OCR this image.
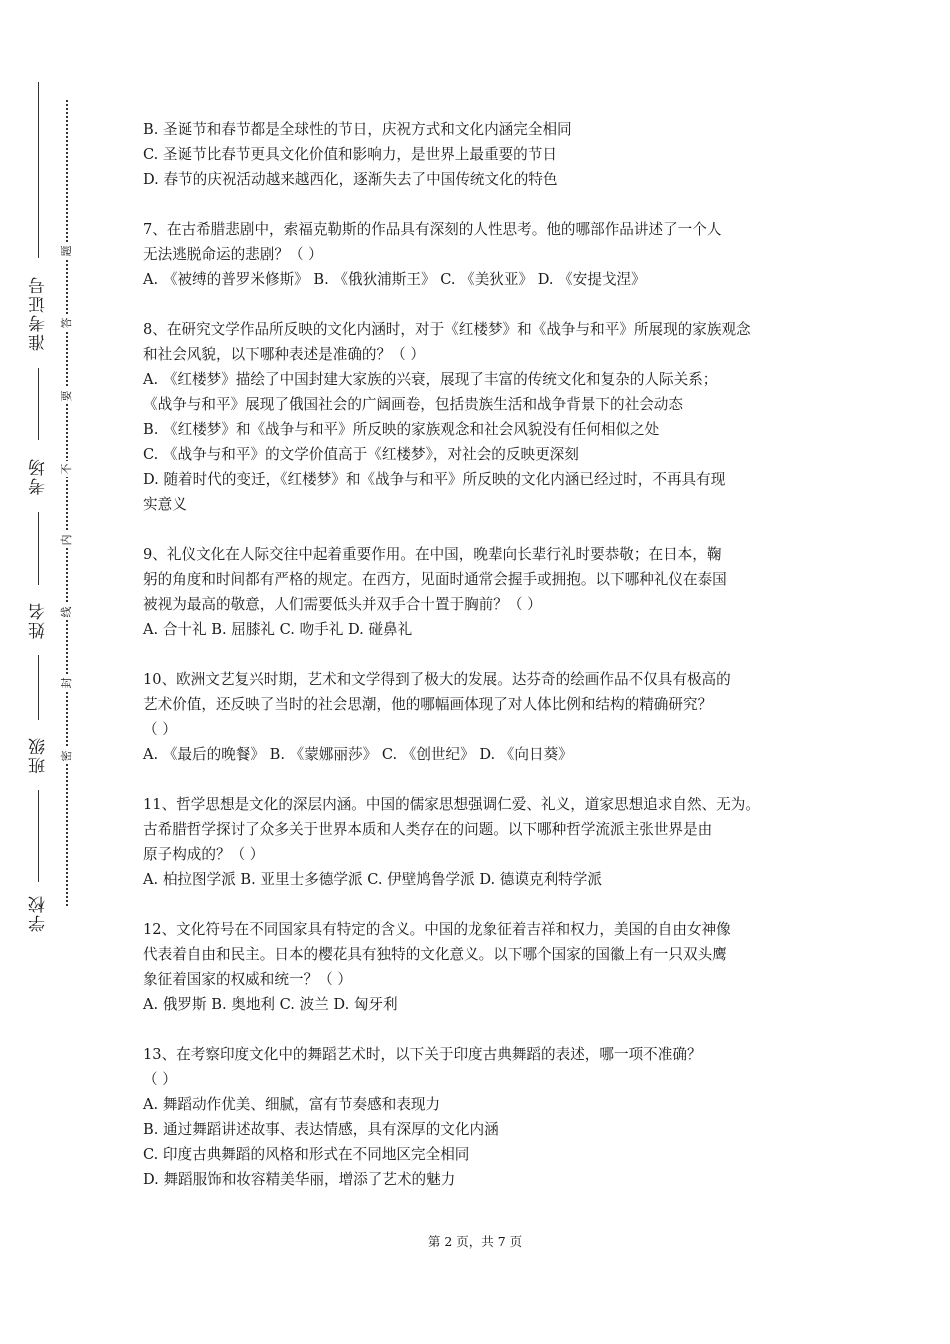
准考证号
考场
姓名
班级
学校
题
答
要
不
内
线
封
密

B. 圣诞节和春节都是全球性的节日，庆祝方式和文化内涵完全相同

C. 圣诞节比春节更具文化价值和影响力，是世界上最重要的节日

D. 春节的庆祝活动越来越西化，逐渐失去了中国传统文化的特色

7、在古希腊悲剧中，索福克勒斯的作品具有深刻的人性思考。他的哪部作品讲述了一个人

无法逃脱命运的悲剧？（ ）

A. 《被缚的普罗米修斯》 B. 《俄狄浦斯王》 C. 《美狄亚》 D. 《安提戈涅》

8、在研究文学作品所反映的文化内涵时，对于《红楼梦》和《战争与和平》所展现的家族观念

和社会风貌，以下哪种表述是准确的？（ ）

A. 《红楼梦》描绘了中国封建大家族的兴衰，展现了丰富的传统文化和复杂的人际关系；

《战争与和平》展现了俄国社会的广阔画卷，包括贵族生活和战争背景下的社会动态

B. 《红楼梦》和《战争与和平》所反映的家族观念和社会风貌没有任何相似之处

C. 《战争与和平》的文学价值高于《红楼梦》，对社会的反映更深刻

D. 随着时代的变迁，《红楼梦》和《战争与和平》所反映的文化内涵已经过时，不再具有现

实意义

9、礼仪文化在人际交往中起着重要作用。在中国，晚辈向长辈行礼时要恭敬；在日本，鞠

躬的角度和时间都有严格的规定。在西方，见面时通常会握手或拥抱。以下哪种礼仪在泰国

被视为最高的敬意，人们需要低头并双手合十置于胸前？（ ）

A. 合十礼 B. 屈膝礼 C. 吻手礼 D. 碰鼻礼

10、欧洲文艺复兴时期，艺术和文学得到了极大的发展。达芬奇的绘画作品不仅具有极高的

艺术价值，还反映了当时的社会思潮，他的哪幅画体现了对人体比例和结构的精确研究？

（ ）

A. 《最后的晚餐》 B. 《蒙娜丽莎》 C. 《创世纪》 D. 《向日葵》

11、哲学思想是文化的深层内涵。中国的儒家思想强调仁爱、礼义，道家思想追求自然、无为。

古希腊哲学探讨了众多关于世界本质和人类存在的问题。以下哪种哲学流派主张世界是由

原子构成的？（ ）

A. 柏拉图学派 B. 亚里士多德学派 C. 伊壁鸠鲁学派 D. 德谟克利特学派

12、文化符号在不同国家具有特定的含义。中国的龙象征着吉祥和权力，美国的自由女神像

代表着自由和民主。日本的樱花具有独特的文化意义。以下哪个国家的国徽上有一只双头鹰

象征着国家的权威和统一？（ ）

A. 俄罗斯 B. 奥地利 C. 波兰 D. 匈牙利

13、在考察印度文化中的舞蹈艺术时，以下关于印度古典舞蹈的表述，哪一项不准确？

（ ）

A. 舞蹈动作优美、细腻，富有节奏感和表现力

B. 通过舞蹈讲述故事、表达情感，具有深厚的文化内涵

C. 印度古典舞蹈的风格和形式在不同地区完全相同

D. 舞蹈服饰和妆容精美华丽，增添了艺术的魅力

第 2 页，共 7 页
